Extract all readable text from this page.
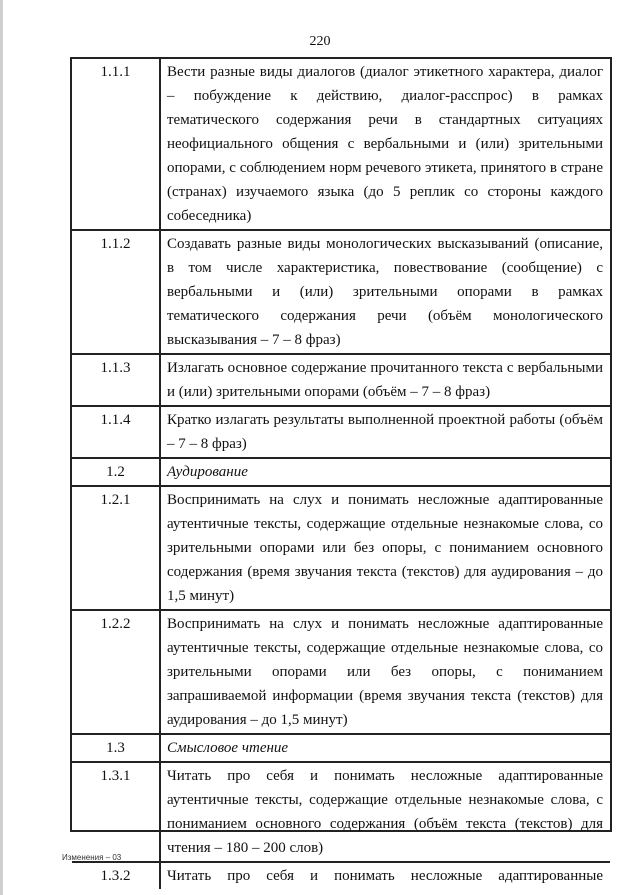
220
1.1.1	Вести разные виды диалогов (диалог этикетного характера, диалог – побуждение к действию, диалог-расспрос) в рамках тематического содержания речи в стандартных ситуациях неофициального общения с вербальными и (или) зрительными опорами, с соблюдением норм речевого этикета, принятого в стране (странах) изучаемого языка (до 5 реплик со стороны каждого собеседника)
1.1.2	Создавать разные виды монологических высказываний (описание, в том числе характеристика, повествование (сообщение) с вербальными и (или) зрительными опорами в рамках тематического содержания речи (объём монологического высказывания – 7 – 8 фраз)
1.1.3	Излагать основное содержание прочитанного текста с вербальными и (или) зрительными опорами (объём – 7 – 8 фраз)
1.1.4	Кратко излагать результаты выполненной проектной работы (объём – 7 – 8 фраз)
1.2	Аудирование
1.2.1	Воспринимать на слух и понимать несложные адаптированные аутентичные тексты, содержащие отдельные незнакомые слова, со зрительными опорами или без опоры, с пониманием основного содержания (время звучания текста (текстов) для аудирования – до 1,5 минут)
1.2.2	Воспринимать на слух и понимать несложные адаптированные аутентичные тексты, содержащие отдельные незнакомые слова, со зрительными опорами или без опоры, с пониманием запрашиваемой информации (время звучания текста (текстов) для аудирования – до 1,5 минут)
1.3	Смысловое чтение
1.3.1	Читать про себя и понимать несложные адаптированные аутентичные тексты, содержащие отдельные незнакомые слова, с пониманием основного содержания (объём текста (текстов) для чтения – 180 – 200 слов)
1.3.2	Читать про себя и понимать несложные адаптированные
Изменения – 03
